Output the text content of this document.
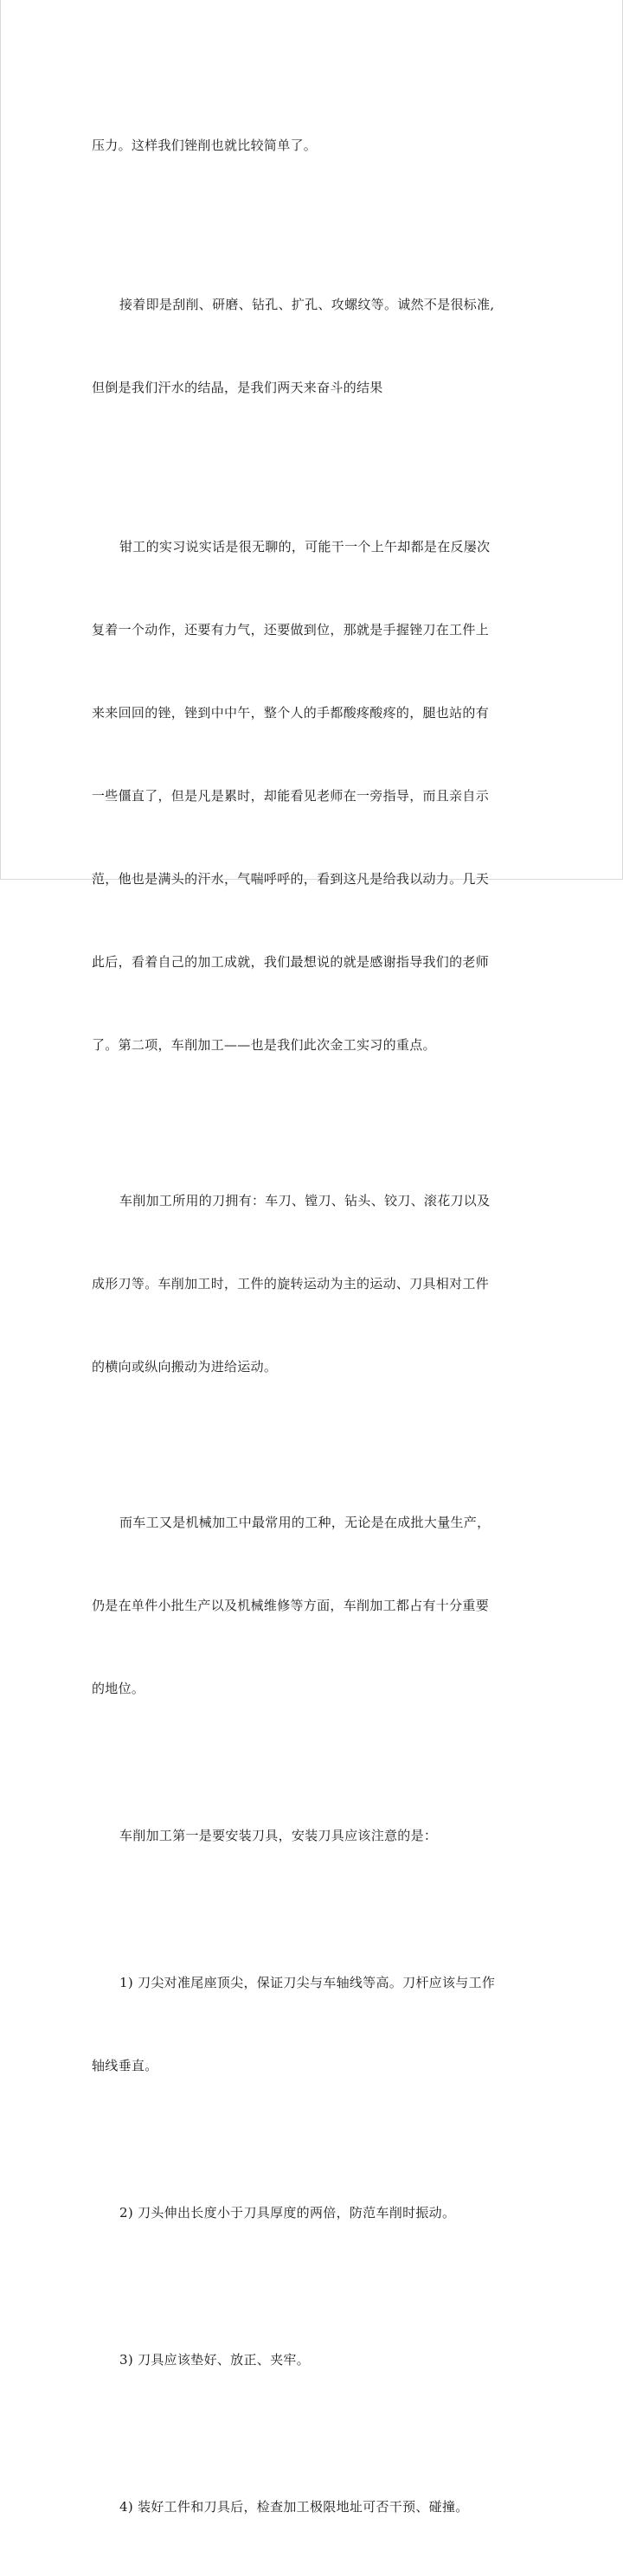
压力。这样我们锉削也就比较简单了。

接着即是刮削、研磨、钻孔、扩孔、攻螺纹等。诚然不是很标准,

但倒是我们汗水的结晶，是我们两天来奋斗的结果

钳工的实习说实话是很无聊的，可能干一个上午却都是在反屡次

复着一个动作，还要有力气，还要做到位，那就是手握锉刀在工件上

来来回回的锉，锉到中中午，整个人的手都酸疼酸疼的，腿也站的有

一些僵直了，但是凡是累时，却能看见老师在一旁指导，而且亲自示

范，他也是满头的汗水，气喘呼呼的，看到这凡是给我以动力。几天

此后，看着自己的加工成就，我们最想说的就是感谢指导我们的老师

了。第二项，车削加工——也是我们此次金工实习的重点。

车削加工所用的刀拥有：车刀、镗刀、钻头、铰刀、滚花刀以及

成形刀等。车削加工时，工件的旋转运动为主的运动、刀具相对工件

的横向或纵向搬动为进给运动。

而车工又是机械加工中最常用的工种，无论是在成批大量生产，

仍是在单件小批生产以及机械维修等方面，车削加工都占有十分重要

的地位。

车削加工第一是要安装刀具，安装刀具应该注意的是：

1) 刀尖对准尾座顶尖，保证刀尖与车轴线等高。刀杆应该与工作

轴线垂直。

2) 刀头伸出长度小于刀具厚度的两倍，防范车削时振动。

3) 刀具应该垫好、放正、夹牢。

4) 装好工件和刀具后，检查加工极限地址可否干预、碰撞。
